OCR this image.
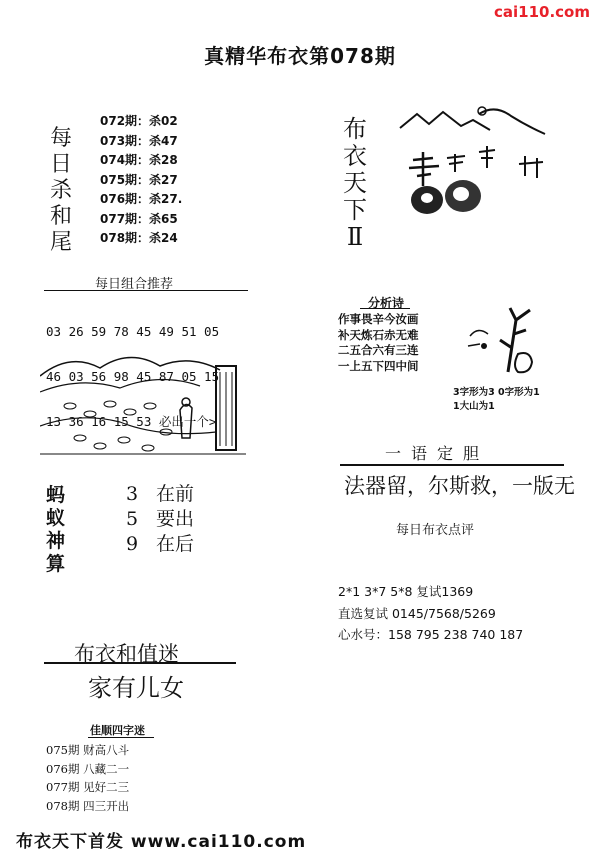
cai110.com
真精华布衣第078期
每日杀和尾
072期：杀02
073期：杀47
074期：杀28
075期：杀27
076期：杀27.
077期：杀65
078期：杀24
布衣天下Ⅱ
每日组合推荐

03 26 59 78 45 49 51 05

46 03 56 98 45 87 05 15

13 36 16 15 53 必出一个>

分析诗
作事畏辛今汝画
补天炼石赤无难
二五合六有三连
一上五下四中间
3字形为3 0字形为1
1大山为1
一语定胆
法器留，尔斯救，一版无
蚂蚁神算
3 在前
5 要出
9 在后
每日布衣点评
2*1 3*7 5*8 复试1369
直选复试 0145/7568/5269
心水号：158 795 238 740 187
布衣和值迷
家有儿女
佳顺四字迷
075期 财高八斗
076期 八藏二一
077期 见好二三
078期 四三开出
布衣天下首发 www.cai110.com
